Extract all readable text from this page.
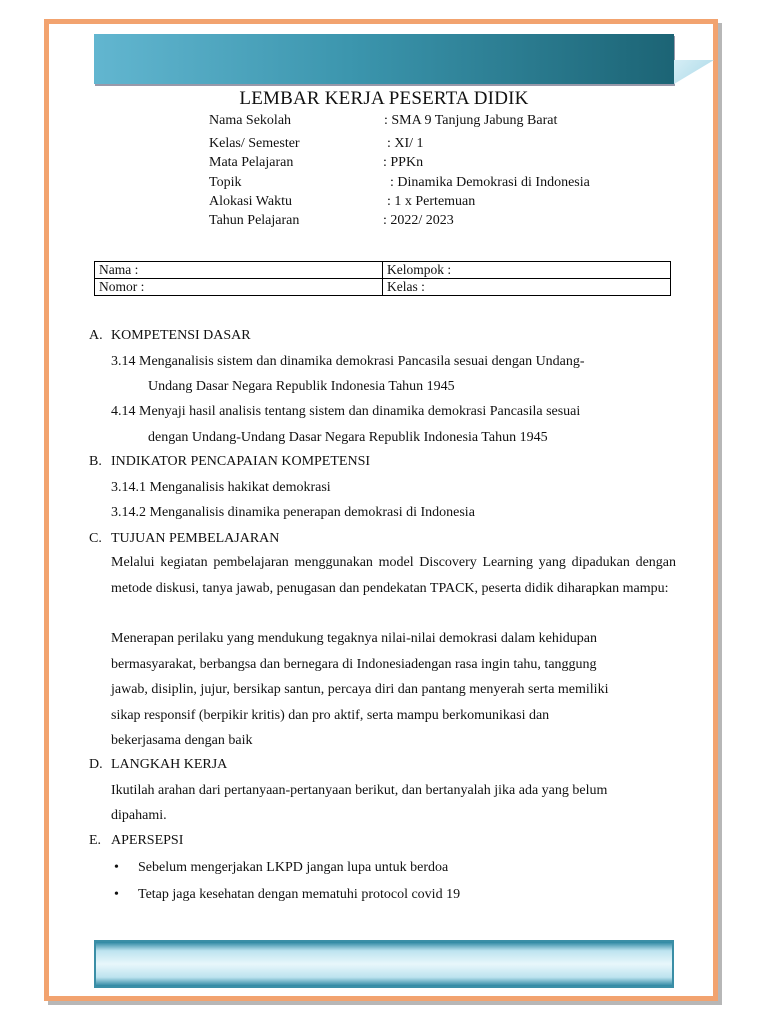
LEMBAR KERJA PESERTA DIDIK
Nama Sekolah	: SMA 9 Tanjung Jabung Barat
Kelas/ Semester	: XI/ 1
Mata Pelajaran	: PPKn
Topik	: Dinamika Demokrasi di Indonesia
Alokasi Waktu	: 1 x Pertemuan
Tahun Pelajaran	: 2022/ 2023
Nama :	Kelompok :
Nomor :	Kelas :
A. KOMPETENSI DASAR
3.14 Menganalisis sistem dan dinamika demokrasi Pancasila sesuai dengan Undang-
Undang Dasar Negara Republik Indonesia Tahun 1945
4.14 Menyaji hasil analisis tentang sistem dan dinamika demokrasi Pancasila sesuai
dengan Undang-Undang Dasar Negara Republik Indonesia Tahun 1945
B. INDIKATOR PENCAPAIAN KOMPETENSI
3.14.1 Menganalisis hakikat demokrasi
3.14.2 Menganalisis dinamika penerapan demokrasi di Indonesia
C. TUJUAN PEMBELAJARAN
Melalui kegiatan pembelajaran menggunakan model Discovery Learning yang dipadukan dengan metode diskusi, tanya jawab, penugasan dan pendekatan TPACK, peserta didik diharapkan mampu:
Menerapan perilaku yang mendukung tegaknya nilai-nilai demokrasi dalam kehidupan
bermasyarakat, berbangsa dan bernegara di Indonesiadengan rasa ingin tahu, tanggung
jawab, disiplin, jujur, bersikap santun, percaya diri dan pantang menyerah serta memiliki
sikap responsif (berpikir kritis) dan pro aktif, serta mampu berkomunikasi dan
bekerjasama dengan baik
D. LANGKAH KERJA
Ikutilah arahan dari pertanyaan-pertanyaan berikut, dan bertanyalah jika ada yang belum
dipahami.
E. APERSEPSI
• Sebelum mengerjakan LKPD jangan lupa untuk berdoa
• Tetap jaga kesehatan dengan mematuhi protocol covid 19
